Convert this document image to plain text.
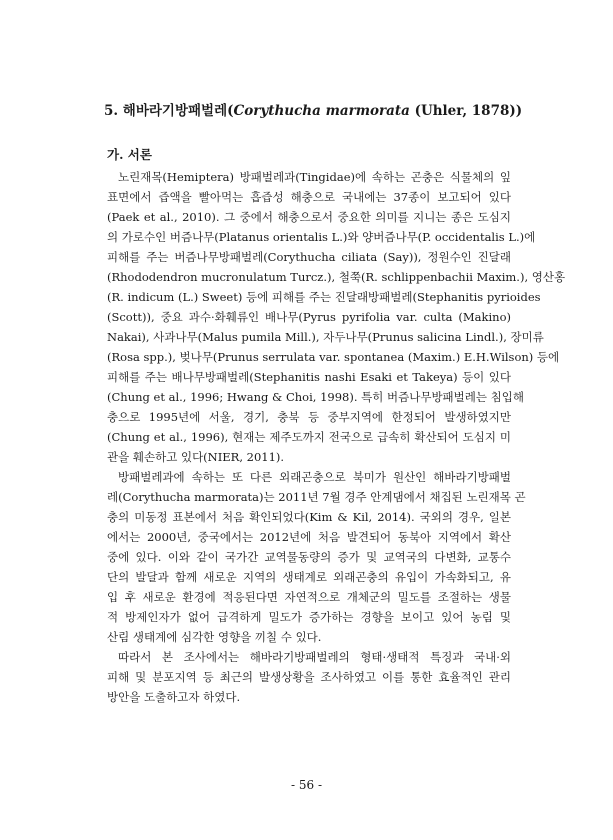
5. 해바라기방패벌레(Corythucha marmorata (Uhler, 1878))
가. 서론
노린재목(Hemiptera) 방패벌레과(Tingidae)에 속하는 곤충은 식물체의 잎
표면에서 즙액을 빨아먹는 흡즙성 해충으로 국내에는 37종이 보고되어 있다
(Paek et al., 2010). 그 중에서 해충으로서 중요한 의미를 지니는 종은 도심지
의 가로수인 버즘나무(Platanus orientalis L.)와 양버즘나무(P. occidentalis L.)에
피해를 주는 버즘나무방패벌레(Corythucha ciliata (Say)), 정원수인 진달래
(Rhododendron mucronulatum Turcz.), 철쭉(R. schlippenbachii Maxim.), 영산홍
(R. indicum (L.) Sweet) 등에 피해를 주는 진달래방패벌레(Stephanitis pyrioides
(Scott)), 중요 과수·화훼류인 배나무(Pyrus pyrifolia var. culta (Makino)
Nakai), 사과나무(Malus pumila Mill.), 자두나무(Prunus salicina Lindl.), 장미류
(Rosa spp.), 벚나무(Prunus serrulata var. spontanea (Maxim.) E.H.Wilson) 등에
피해를 주는 배나무방패벌레(Stephanitis nashi Esaki et Takeya) 등이 있다
(Chung et al., 1996; Hwang & Choi, 1998). 특히 버즘나무방패벌레는 침입해
충으로 1995년에 서울, 경기, 충북 등 중부지역에 한정되어 발생하였지만
(Chung et al., 1996), 현재는 제주도까지 전국으로 급속히 확산되어 도심지 미
관을 훼손하고 있다(NIER, 2011).
방패벌레과에 속하는 또 다른 외래곤충으로 북미가 원산인 해바라기방패벌
레(Corythucha marmorata)는 2011년 7월 경주 안계댐에서 채집된 노린재목 곤
충의 미동정 표본에서 처음 확인되었다(Kim & Kil, 2014). 국외의 경우, 일본
에서는 2000년, 중국에서는 2012년에 처음 발견되어 동북아 지역에서 확산
중에 있다. 이와 같이 국가간 교역물동량의 증가 및 교역국의 다변화, 교통수
단의 발달과 함께 새로운 지역의 생태계로 외래곤충의 유입이 가속화되고, 유
입 후 새로운 환경에 적응된다면 자연적으로 개체군의 밀도를 조절하는 생물
적 방제인자가 없어 급격하게 밀도가 증가하는 경향을 보이고 있어 농림 및
산림 생태계에 심각한 영향을 끼칠 수 있다.
따라서 본 조사에서는 해바라기방패벌레의 형태·생태적 특징과 국내·외
피해 및 분포지역 등 최근의 발생상황을 조사하였고 이를 통한 효율적인 관리
방안을 도출하고자 하였다.
- 56 -
